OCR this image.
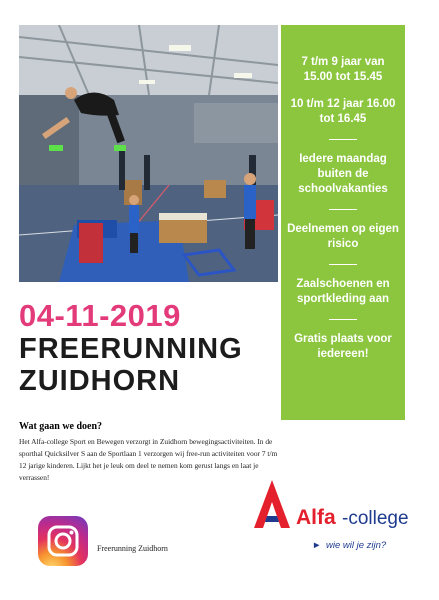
7 t/m 9 jaar van 15.00 tot 15.45
10 t/m 12 jaar 16.00 tot 16.45
Iedere maandag buiten de schoolvakanties
Deelnemen op eigen risico
Zaalschoenen en sportkleding aan
Gratis plaats voor iedereen!
04-11-2019
FREERUNNING
ZUIDHORN
Wat gaan we doen?
Het Alfa-college Sport en Bewegen verzorgt in Zuidhorn bewegingsactiviteiten. In de sporthal Quicksilver S aan de Sportlaan 1 verzorgen wij free-run activiteiten voor 7 t/m 12 jarige kinderen. Lijkt het je leuk om deel te nemen kom gerust langs en laat je verrassen!
Freerunning Zuidhorn
Alfa -college
► wie wil je zijn?
